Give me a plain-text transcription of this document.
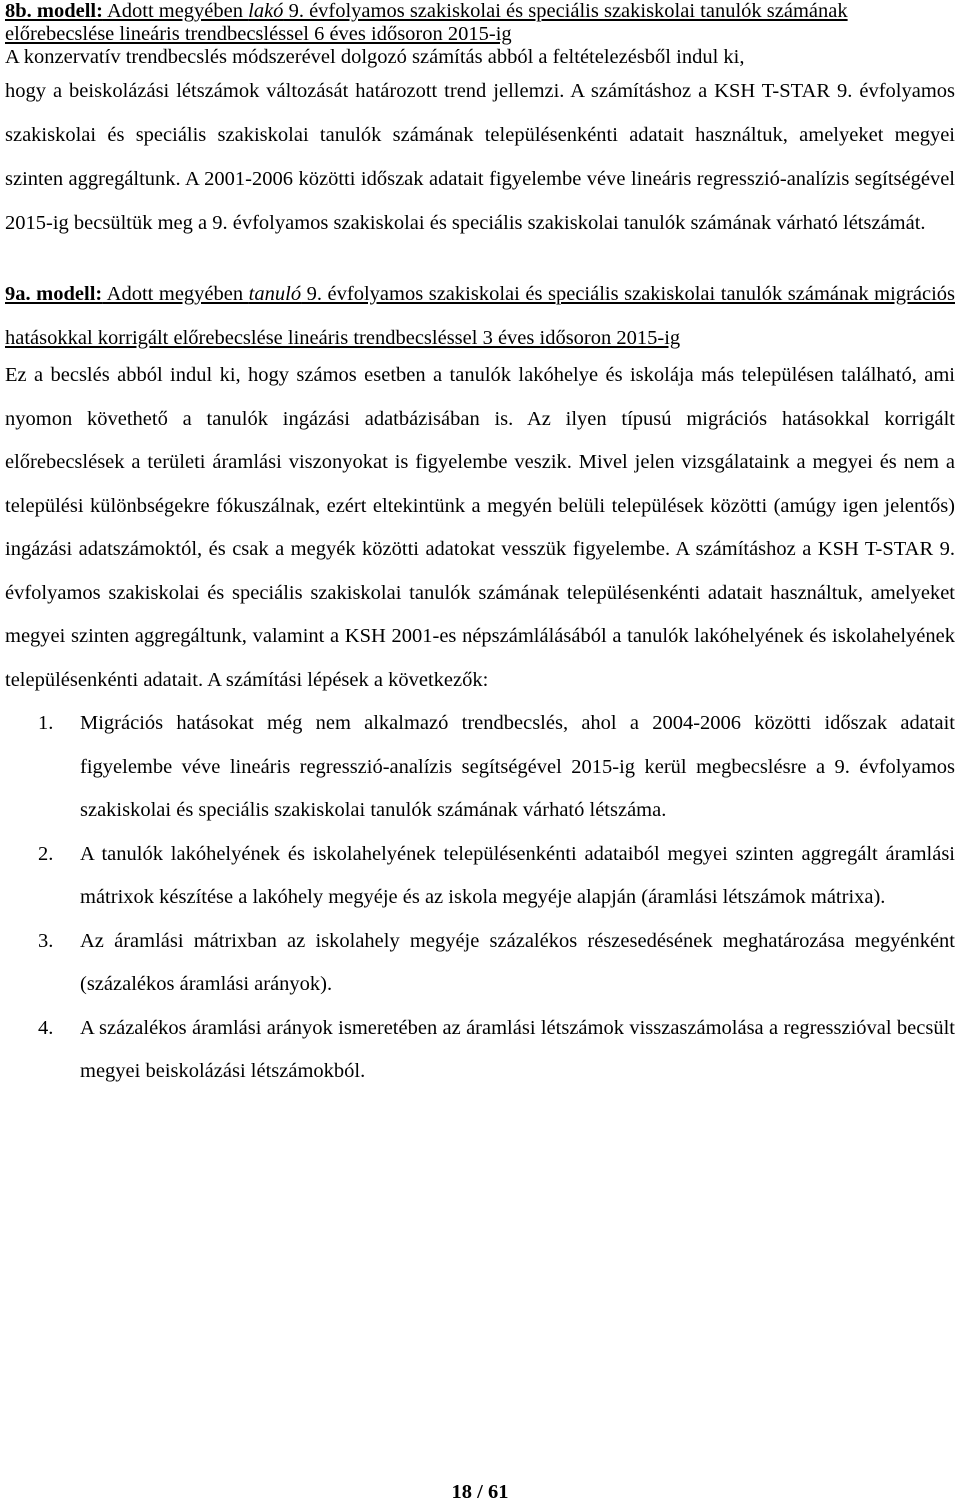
8b. modell: Adott megyében lakó 9. évfolyamos szakiskolai és speciális szakiskolai tanulók számának előrebecslése lineáris trendbecsléssel 6 éves idősoron 2015-ig

A konzervatív trendbecslés módszerével dolgozó számítás abból a feltételezésből indul ki,

hogy a beiskolázási létszámok változását határozott trend jellemzi. A számításhoz a KSH T-STAR 9. évfolyamos szakiskolai és speciális szakiskolai tanulók számának településenkénti adatait használtuk, amelyeket megyei szinten aggregáltunk. A 2001-2006 közötti időszak adatait figyelembe véve lineáris regresszió-analízis segítségével 2015-ig becsültük meg a 9. évfolyamos szakiskolai és speciális szakiskolai tanulók számának várható létszámát.

9a. modell: Adott megyében tanuló 9. évfolyamos szakiskolai és speciális szakiskolai tanulók számának migrációs hatásokkal korrigált előrebecslése lineáris trendbecsléssel 3 éves idősoron 2015-ig

Ez a becslés abból indul ki, hogy számos esetben a tanulók lakóhelye és iskolája más településen található, ami nyomon követhető a tanulók ingázási adatbázisában is. Az ilyen típusú migrációs hatásokkal korrigált előrebecslések a területi áramlási viszonyokat is figyelembe veszik. Mivel jelen vizsgálataink a megyei és nem a települési különbségekre fókuszálnak, ezért eltekintünk a megyén belüli települések közötti (amúgy igen jelentős) ingázási adatszámoktól, és csak a megyék közötti adatokat vesszük figyelembe. A számításhoz a KSH T-STAR 9. évfolyamos szakiskolai és speciális szakiskolai tanulók számának településenkénti adatait használtuk, amelyeket megyei szinten aggregáltunk, valamint a KSH 2001-es népszámlálásából a tanulók lakóhelyének és iskolahelyének településenkénti adatait. A számítási lépések a következők:

1. Migrációs hatásokat még nem alkalmazó trendbecslés, ahol a 2004-2006 közötti időszak adatait figyelembe véve lineáris regresszió-analízis segítségével 2015-ig kerül megbecslésre a 9. évfolyamos szakiskolai és speciális szakiskolai tanulók számának várható létszáma.
2. A tanulók lakóhelyének és iskolahelyének településenkénti adataiból megyei szinten aggregált áramlási mátrixok készítése a lakóhely megyéje és az iskola megyéje alapján (áramlási létszámok mátrixa).
3. Az áramlási mátrixban az iskolahely megyéje százalékos részesedésének meghatározása megyénként (százalékos áramlási arányok).
4. A százalékos áramlási arányok ismeretében az áramlási létszámok visszaszámolása a regresszióval becsült megyei beiskolázási létszámokból.
18 / 61
